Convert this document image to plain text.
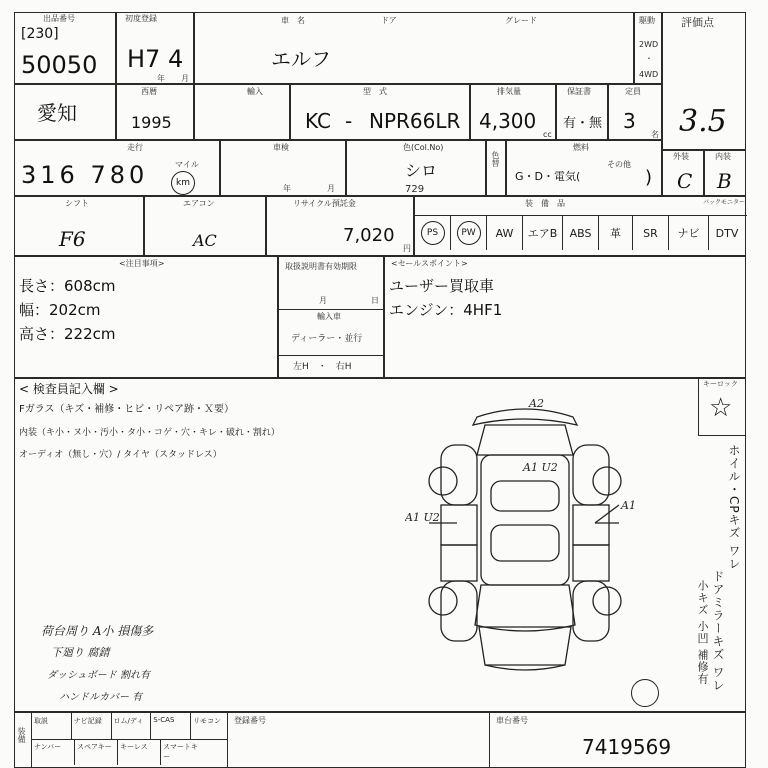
出品番号
[230]
50050
初度登録
H7 4
年 月
車　名	ドア	グレード
エルフ
駆動
2WD
・
4WD
評価点
3.5
愛知
西暦
1995
輸入	型　式
KC - NPR66LR
排気量
4,300
cc
保証書
有・無
定員
3
名
走行
マイル
316 780	km
車検
年	月
色(Col.No)
シロ
729
色替
燃料
G・D・電気(
その他
)
外装
C
内装
B
シフト
F6
エアコン
AC
リサイクル預託金
7,020
円
装　備　品	バックモニター
PS	PW	AW	エアB	ABS	革	SR	ナビ	DTV
<注目事項>
長さ：608cm
幅：202cm
高さ：222cm
取扱説明書有効期限
月	日
輸入車
ディーラー・並行
左H　・　右H
<セールスポイント>
ユーザー買取車
エンジン：4HF1
< 検査員記入欄 >
Fガラス（キズ・補修・ヒビ・リペア跡・Ｘ要）
内装（キ小・ヌ小・汚小・タ小・コゲ・穴・キレ・破れ・割れ）
オーディオ（無し・穴）/ タイヤ（スタッドレス）
荷台周り A小 損傷多
下廻り 腐錆
ダッシュボード 割れ有
ハンドルカバー 有
A2
A1 U2
A1 U2
A1
キーロック
☆
ホイル・CPキズ ワレ
ドアミラーキズ ワレ
小キズ 小凹 補修有
装備
取説	ナビ記録	ロム/ディ	S-CAS	リモコン
ナンバー	スペアキー	キーレス	スマートキー
登録番号	車台番号
7419569
